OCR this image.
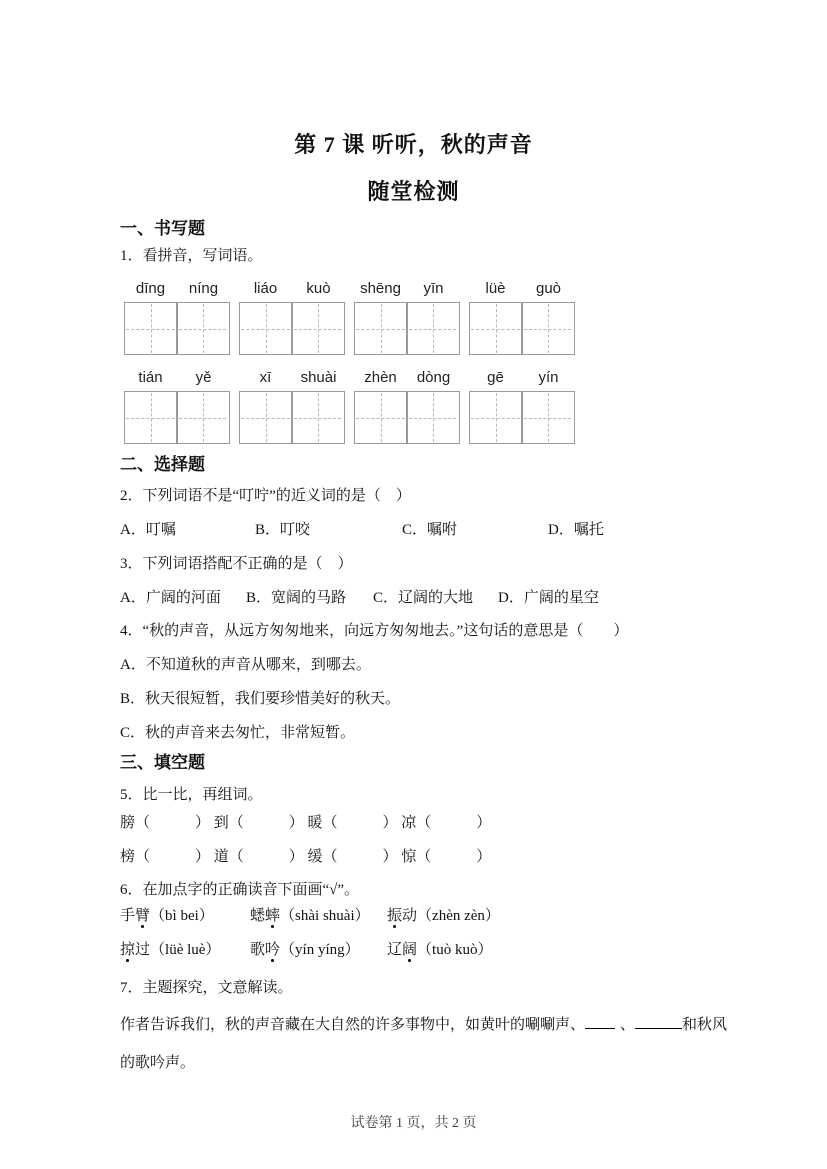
第 7 课 听听，秋的声音
随堂检测
一、书写题
1．看拼音，写词语。
dīng	níng	liáo	kuò	shēng	yīn	lüè	guò
tián	yě	xī	shuài	zhèn	dòng	gē	yín
二、选择题
2．下列词语不是“叮咛”的近义词的是（　）
A．叮嘱	B．叮咬	C．嘱咐	D．嘱托
3．下列词语搭配不正确的是（　）
A．广阔的河面	B．宽阔的马路	C．辽阔的大地	D．广阔的星空
4．“秋的声音，从远方匆匆地来，向远方匆匆地去。”这句话的意思是（　　）
A．不知道秋的声音从哪来，到哪去。
B．秋天很短暂，我们要珍惜美好的秋天。
C．秋的声音来去匆忙，非常短暂。
三、填空题
5．比一比，再组词。
膀（　　　） 到（　　　） 暖（　　　） 凉（　　　）
榜（　　　） 道（　　　） 缓（　　　） 惊（　　　）
6．在加点字的正确读音下面画“√”。
手臂（bì bei）	蟋蟀（shài shuài）	振动（zhèn zèn）
掠过（lüè luè）	歌吟（yín yíng）	辽阔（tuò kuò）
7．主题探究，文意解读。
作者告诉我们，秋的声音藏在大自然的许多事物中，如黄叶的唰唰声、 、	和秋风的歌吟声。
试卷第 1 页，共 2 页
